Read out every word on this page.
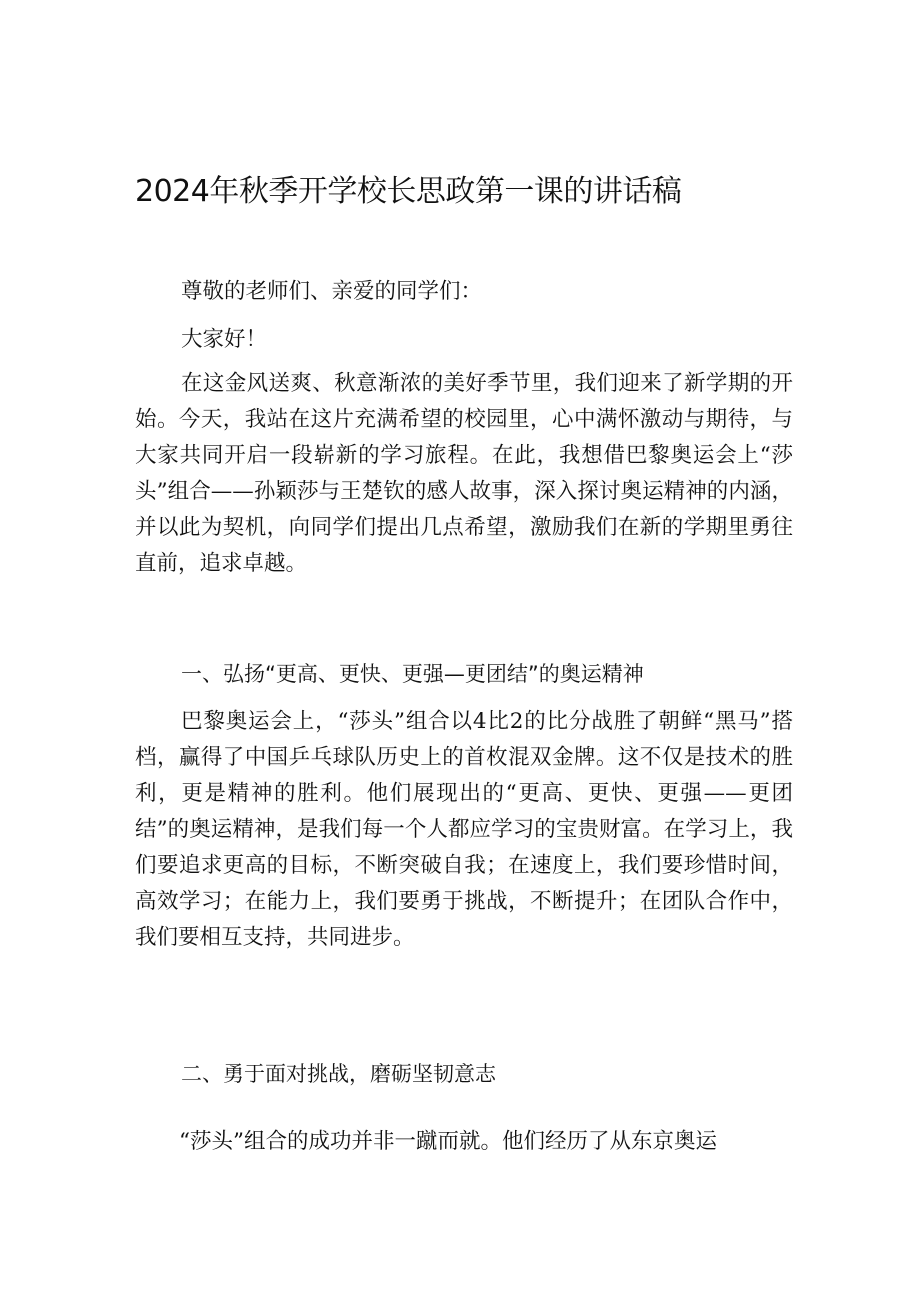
2024年秋季开学校长思政第一课的讲话稿

尊敬的老师们、亲爱的同学们：

大家好！

在这金风送爽、秋意渐浓的美好季节里，我们迎来了新学期的开始。今天，我站在这片充满希望的校园里，心中满怀激动与期待，与大家共同开启一段崭新的学习旅程。在此，我想借巴黎奥运会上“莎头”组合——孙颖莎与王楚钦的感人故事，深入探讨奥运精神的内涵，并以此为契机，向同学们提出几点希望，激励我们在新的学期里勇往直前，追求卓越。

一、弘扬“更高、更快、更强—更团结”的奥运精神

巴黎奥运会上，“莎头”组合以4比2的比分战胜了朝鲜“黑马”搭档，赢得了中国乒乓球队历史上的首枚混双金牌。这不仅是技术的胜利，更是精神的胜利。他们展现出的“更高、更快、更强——更团结”的奥运精神，是我们每一个人都应学习的宝贵财富。在学习上，我们要追求更高的目标，不断突破自我；在速度上，我们要珍惜时间，高效学习；在能力上，我们要勇于挑战，不断提升；在团队合作中，我们要相互支持，共同进步。

二、勇于面对挑战，磨砺坚韧意志

“莎头”组合的成功并非一蹴而就。他们经历了从东京奥运
